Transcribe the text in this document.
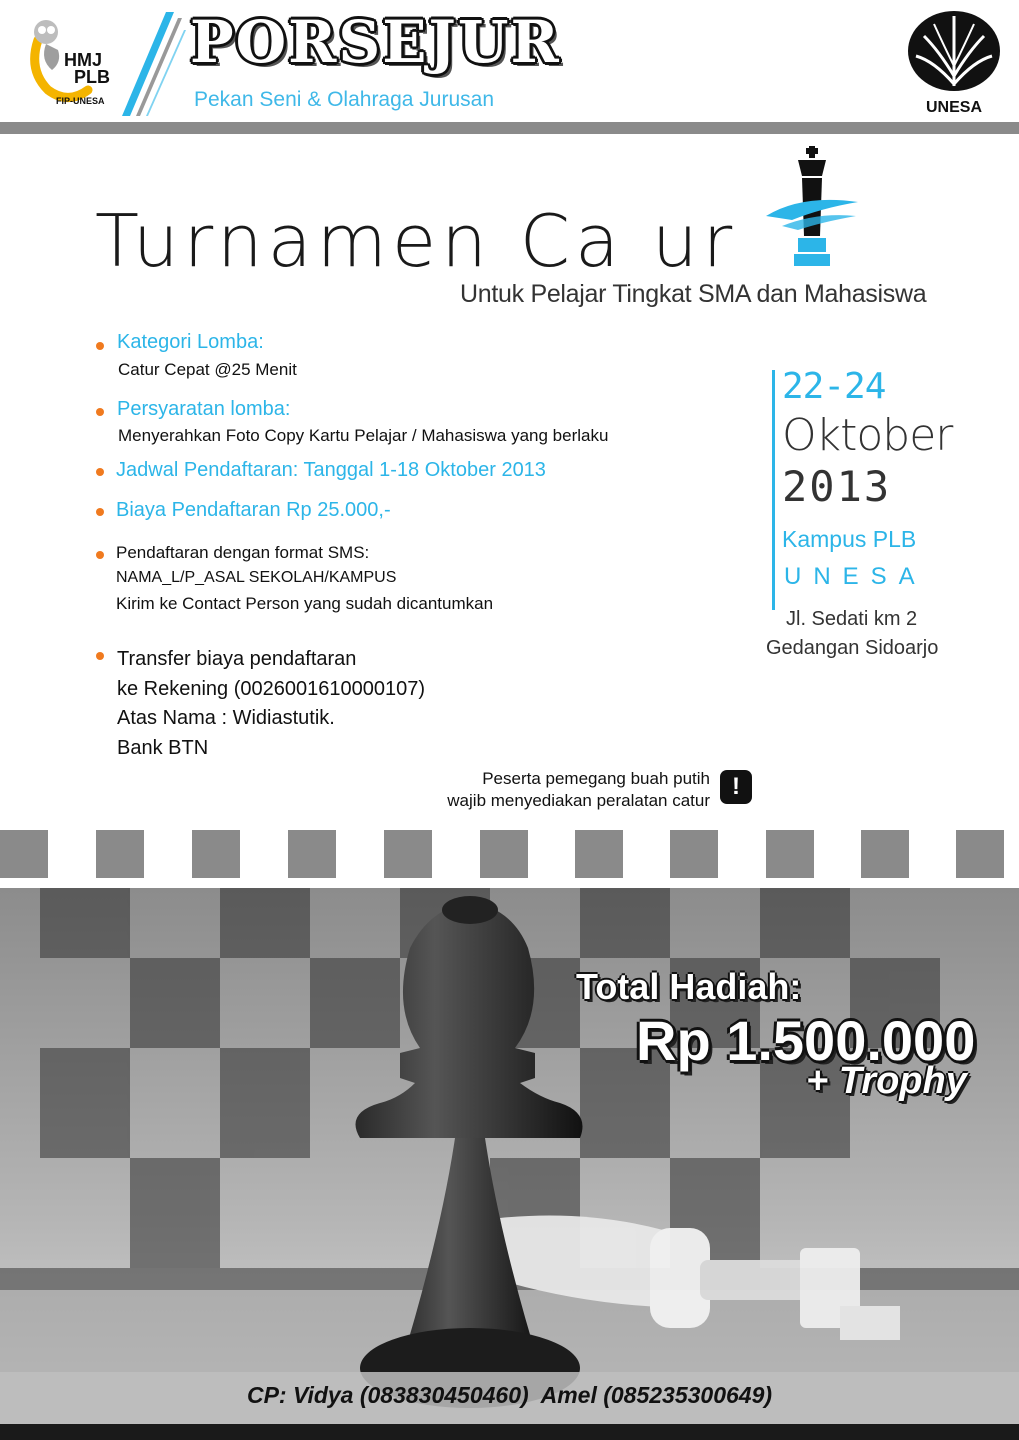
HMJ
PLB
FIP-UNESA
PORSEJUR
Pekan Seni & Olahraga Jurusan	UNESA
Turnamen Ca ur
Untuk Pelajar Tingkat SMA dan Mahasiswa
Kategori Lomba:
Catur Cepat @25 Menit
Persyaratan lomba:
Menyerahkan Foto Copy Kartu Pelajar / Mahasiswa yang berlaku
Jadwal Pendaftaran: Tanggal 1-18 Oktober 2013
Biaya Pendaftaran Rp 25.000,-
Pendaftaran dengan format SMS:
NAMA_L/P_ASAL SEKOLAH/KAMPUS
Kirim ke Contact Person yang sudah dicantumkan
Transfer biaya pendaftaran
ke Rekening (0026001610000107)
Atas Nama : Widiastutik.
Bank BTN
22-24
Oktober
2013
Kampus PLB
UNESA
Jl. Sedati km 2
Gedangan Sidoarjo
Peserta pemegang buah putih
wajib menyediakan peralatan catur
!
Total Hadiah:
Rp 1.500.000
+ Trophy
CP: Vidya (083830450460)  Amel (085235300649)
